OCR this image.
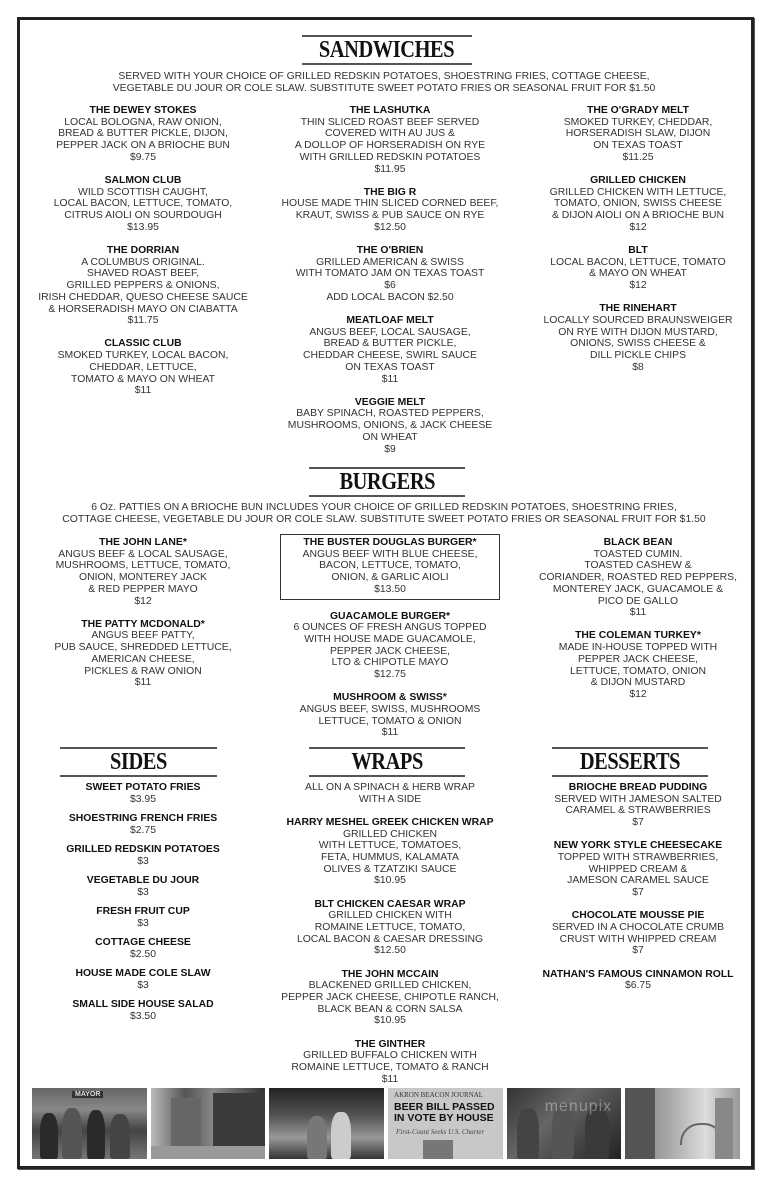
SANDWICHES
SERVED WITH YOUR CHOICE OF GRILLED REDSKIN POTATOES, SHOESTRING FRIES, COTTAGE CHEESE,
VEGETABLE DU JOUR OR COLE SLAW. SUBSTITUTE SWEET POTATO FRIES OR SEASONAL FRUIT FOR $1.50
THE DEWEY STOKES
LOCAL BOLOGNA, RAW ONION,
BREAD & BUTTER PICKLE, DIJON,
PEPPER JACK ON A BRIOCHE BUN
$9.75
SALMON CLUB
WILD SCOTTISH CAUGHT,
LOCAL BACON, LETTUCE, TOMATO,
CITRUS AIOLI ON SOURDOUGH
$13.95
THE DORRIAN
A COLUMBUS ORIGINAL.
SHAVED ROAST BEEF,
GRILLED PEPPERS & ONIONS,
IRISH CHEDDAR, QUESO CHEESE SAUCE
& HORSERADISH MAYO ON CIABATTA
$11.75
CLASSIC CLUB
SMOKED TURKEY, LOCAL BACON,
CHEDDAR, LETTUCE,
TOMATO & MAYO ON WHEAT
$11
THE LASHUTKA
THIN SLICED ROAST BEEF SERVED
COVERED WITH AU JUS &
A DOLLOP OF HORSERADISH ON RYE
WITH GRILLED REDSKIN POTATOES
$11.95
THE BIG R
HOUSE MADE THIN SLICED CORNED BEEF,
KRAUT, SWISS & PUB SAUCE ON RYE
$12.50
THE O'BRIEN
GRILLED AMERICAN & SWISS
WITH TOMATO JAM ON TEXAS TOAST
$6
ADD LOCAL BACON $2.50
MEATLOAF MELT
ANGUS BEEF, LOCAL SAUSAGE,
BREAD & BUTTER PICKLE,
CHEDDAR CHEESE, SWIRL SAUCE
ON TEXAS TOAST
$11
VEGGIE MELT
BABY SPINACH, ROASTED PEPPERS,
MUSHROOMS, ONIONS, & JACK CHEESE
ON WHEAT
$9
THE O'GRADY MELT
SMOKED TURKEY, CHEDDAR,
HORSERADISH SLAW, DIJON
ON TEXAS TOAST
$11.25
GRILLED CHICKEN
GRILLED CHICKEN WITH LETTUCE,
TOMATO, ONION, SWISS CHEESE
& DIJON AIOLI ON A BRIOCHE BUN
$12
BLT
LOCAL BACON, LETTUCE, TOMATO
& MAYO ON WHEAT
$12
THE RINEHART
LOCALLY SOURCED BRAUNSWEIGER
ON RYE WITH DIJON MUSTARD,
ONIONS, SWISS CHEESE &
DILL PICKLE CHIPS
$8
BURGERS
6 Oz. PATTIES ON A BRIOCHE BUN INCLUDES YOUR CHOICE OF GRILLED REDSKIN POTATOES, SHOESTRING FRIES,
COTTAGE CHEESE, VEGETABLE DU JOUR OR COLE SLAW. SUBSTITUTE SWEET POTATO FRIES OR SEASONAL FRUIT FOR $1.50
THE JOHN LANE*
ANGUS BEEF & LOCAL SAUSAGE,
MUSHROOMS, LETTUCE, TOMATO,
ONION, MONTEREY JACK
& RED PEPPER MAYO
$12
THE PATTY MCDONALD*
ANGUS BEEF PATTY,
PUB SAUCE, SHREDDED LETTUCE,
AMERICAN CHEESE,
PICKLES & RAW ONION
$11
THE BUSTER DOUGLAS BURGER*
ANGUS BEEF WITH BLUE CHEESE,
BACON, LETTUCE, TOMATO,
ONION, & GARLIC AIOLI
$13.50
GUACAMOLE BURGER*
6 OUNCES OF FRESH ANGUS TOPPED
WITH HOUSE MADE GUACAMOLE,
PEPPER JACK CHEESE,
LTO & CHIPOTLE MAYO
$12.75
MUSHROOM & SWISS*
ANGUS BEEF, SWISS, MUSHROOMS
LETTUCE, TOMATO & ONION
$11
BLACK BEAN
TOASTED CUMIN.
TOASTED CASHEW &
CORIANDER, ROASTED RED PEPPERS,
MONTEREY JACK, GUACAMOLE &
PICO DE GALLO
$11
THE COLEMAN TURKEY*
MADE IN-HOUSE TOPPED WITH
PEPPER JACK CHEESE,
LETTUCE, TOMATO, ONION
& DIJON MUSTARD
$12
SIDES	WRAPS	DESSERTS
SWEET POTATO FRIES
$3.95
SHOESTRING FRENCH FRIES
$2.75
GRILLED REDSKIN POTATOES
$3
VEGETABLE DU JOUR
$3
FRESH FRUIT CUP
$3
COTTAGE CHEESE
$2.50
HOUSE MADE COLE SLAW
$3
SMALL SIDE HOUSE SALAD
$3.50
ALL ON A SPINACH & HERB WRAP
WITH A SIDE
HARRY MESHEL GREEK CHICKEN WRAP
GRILLED CHICKEN
WITH LETTUCE, TOMATOES,
FETA, HUMMUS, KALAMATA
OLIVES & TZATZIKI SAUCE
$10.95
BLT CHICKEN CAESAR WRAP
GRILLED CHICKEN WITH
ROMAINE LETTUCE, TOMATO,
LOCAL BACON & CAESAR DRESSING
$12.50
THE JOHN MCCAIN
BLACKENED GRILLED CHICKEN,
PEPPER JACK CHEESE, CHIPOTLE RANCH,
BLACK BEAN & CORN SALSA
$10.95
THE GINTHER
GRILLED BUFFALO CHICKEN WITH
ROMAINE LETTUCE, TOMATO & RANCH
$11
BRIOCHE BREAD PUDDING
SERVED WITH JAMESON SALTED
CARAMEL & STRAWBERRIES
$7
NEW YORK STYLE CHEESECAKE
TOPPED WITH STRAWBERRIES,
WHIPPED CREAM &
JAMESON CARAMEL SAUCE
$7
CHOCOLATE MOUSSE PIE
SERVED IN A CHOCOLATE CRUMB
CRUST WITH WHIPPED CREAM
$7
NATHAN'S FAMOUS CINNAMON ROLL
$6.75
MAYOR	AKRON BEACON JOURNAL
BEER BILL PASSED IN VOTE BY HOUSE
First-Count Seeks U.S. Charter
menupix
